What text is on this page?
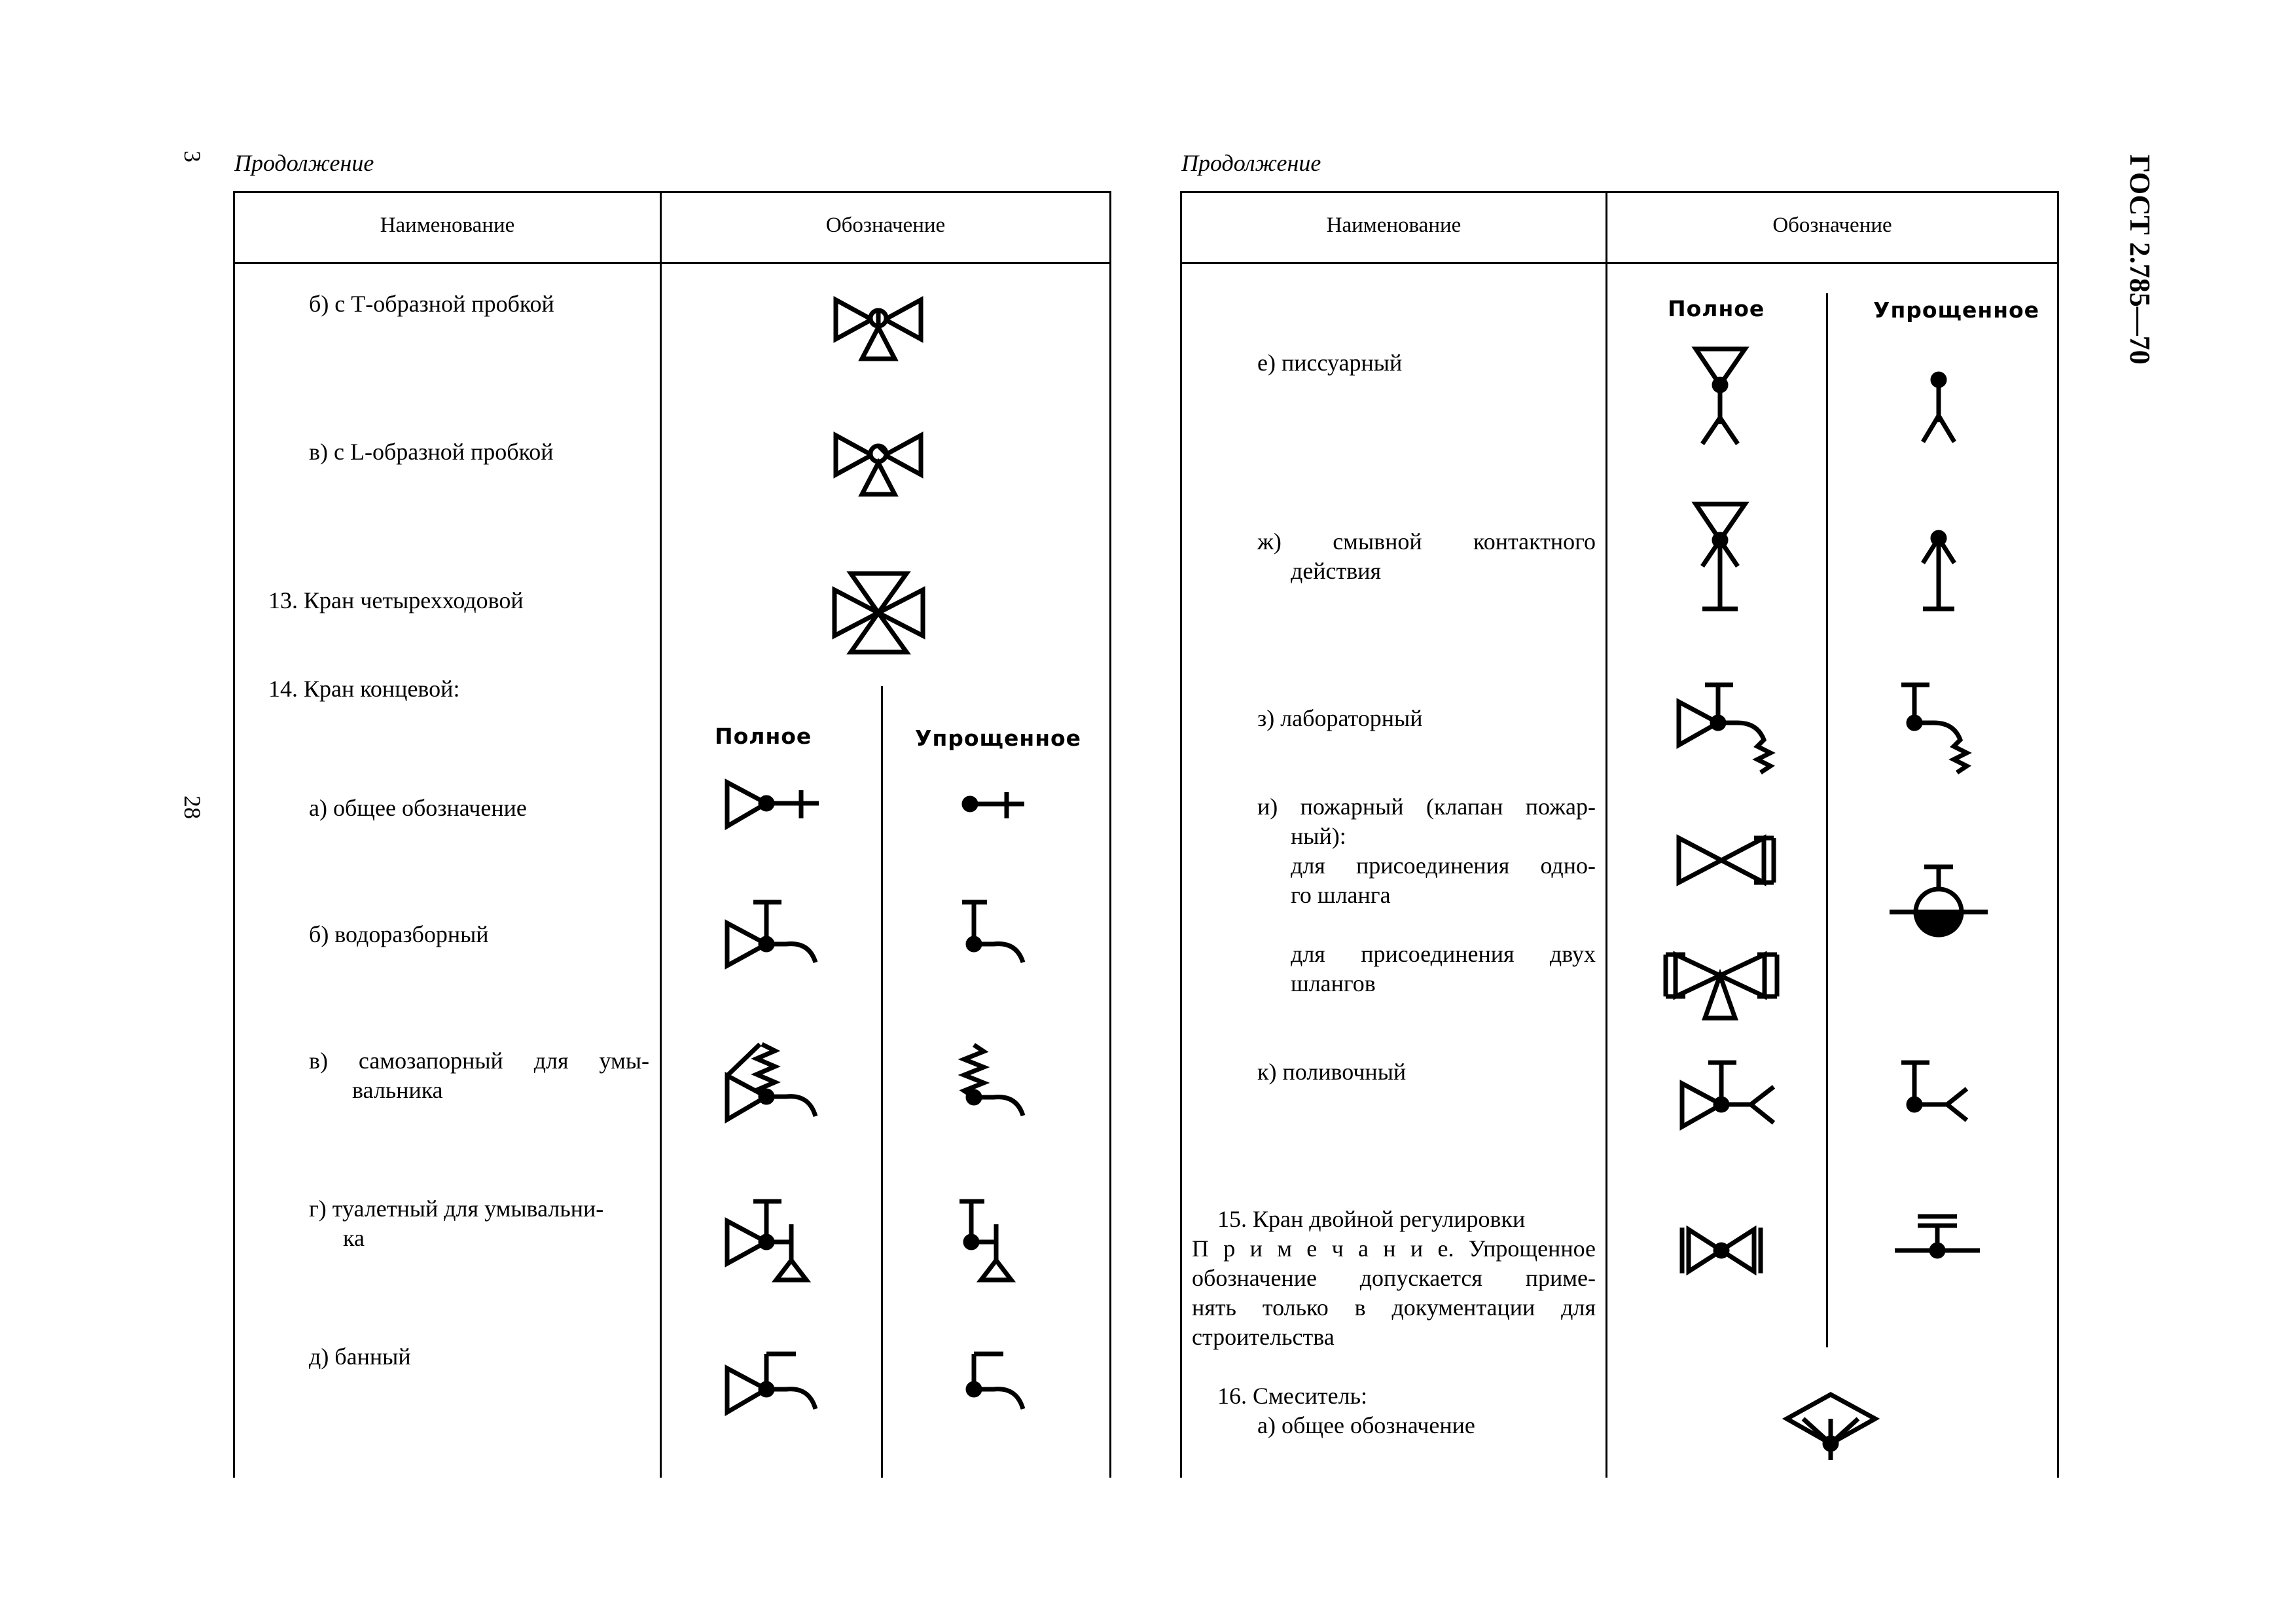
ГОСТ 2.785—70
28
3 Продолжение	Продолжение
Наименование	Обозначение	Наименование	Обозначение
б) с Т-образной пробкой
в) с L-образной пробкой
13. Кран четырехходовой
14. Кран концевой:
а) общее обозначение
б) водоразборный
в) самозапорный для умы-
вальника
г) туалетный для умывальни-
ка
д) банный
Полное	Упрощенное
Полное	Упрощенное
е) писсуарный
ж) смывной контактного
действия
з) лабораторный
и) пожарный (клапан пожар-
ный):
для присоединения одно-
го шланга
для присоединения двух
шлангов
к) поливочный
15. Кран двойной регулировки
П р и м е ч а н и е. Упрощенное
обозначение допускается приме-
нять только в документации для
строительства
16. Смеситель:
а) общее обозначение
